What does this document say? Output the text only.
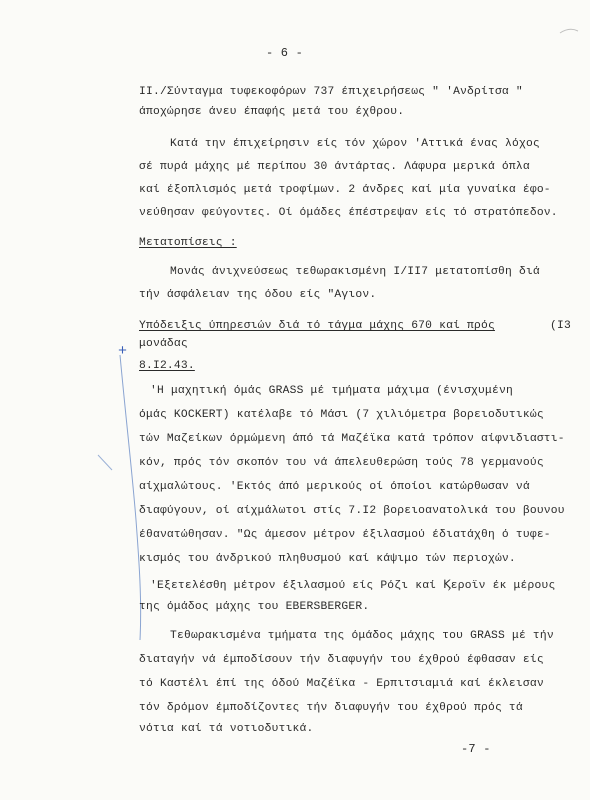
- 6 -
II./Σύνταγμα τυφεκοφόρων 737 έπιχειρήσεως " 'Ανδρίτσα "
άποχώρησε άνευ έπαφής μετά του έχθρου.
Κατά την έπιχείρησιν είς τόν χώρον 'Αττικά ένας λόχος
σέ πυρά μάχης μέ περίπου 30 άντάρτας. Λάφυρα μερικά όπλα
καί έξοπλισμός μετά τροφίμων. 2 άνδρες καί μία γυναίκα έφο-
νεύθησαν φεύγοντες. Οί όμάδες έπέστρεψαν είς τό στρατόπεδον.
Μετατοπίσεις :
Μονάς άνιχνεύσεως τεθωρακισμένη I/II7 μετατοπίσθη διά
τήν άσφάλειαν της όδου είς "Αγιον.
Υπόδειξις ύπηρεσιών διά τό τάγμα μάχης 670 καί πρός	(I3
μονάδας
+
8.I2.43.
'Η μαχητική όμάς GRASS μέ τμήματα μάχιμα (ένισχυμένη
όμάς KOCKERT) κατέλαβε τό Μάσι (7 χιλιόμετρα βορειοδυτικώς
τών Μαζείκων όρμώμενη άπό τά Μαζέϊκα κατά τρόπον αίφνιδιαστι-
κόν, πρός τόν σκοπόν του νά άπελευθερώση τούς 78 γερμανούς
αίχμαλώτους. 'Εκτός άπό μερικούς οί όποίοι κατώρθωσαν νά
διαφύγουν, οί αίχμάλωτοι στίς 7.I2 βορειοανατολικά του βουνου
έθανατώθησαν. "Ως άμεσον μέτρον έξιλασμού έδιατάχθη ό τυφε-
κισμός του άνδρικού πληθυσμού καί κάψιμο τών περιοχών.
'Εξετελέσθη μέτρον έξιλασμού είς Ρόζι καί Ϗεροϊν έκ μέρους
της όμάδος μάχης του EBERSBERGER.
Τεθωρακισμένα τμήματα της όμάδος μάχης του GRASS μέ τήν
διαταγήν νά έμποδίσουν τήν διαφυγήν του έχθρού έφθασαν είς
τό Καστέλι έπί της όδού Μαζέϊκα - Ερπιτσιαμιά καί έκλεισαν
τόν δρόμον έμποδίζοντες τήν διαφυγήν του έχθρού πρός τά
νότια καί τά νοτιοδυτικά.
-7 -
